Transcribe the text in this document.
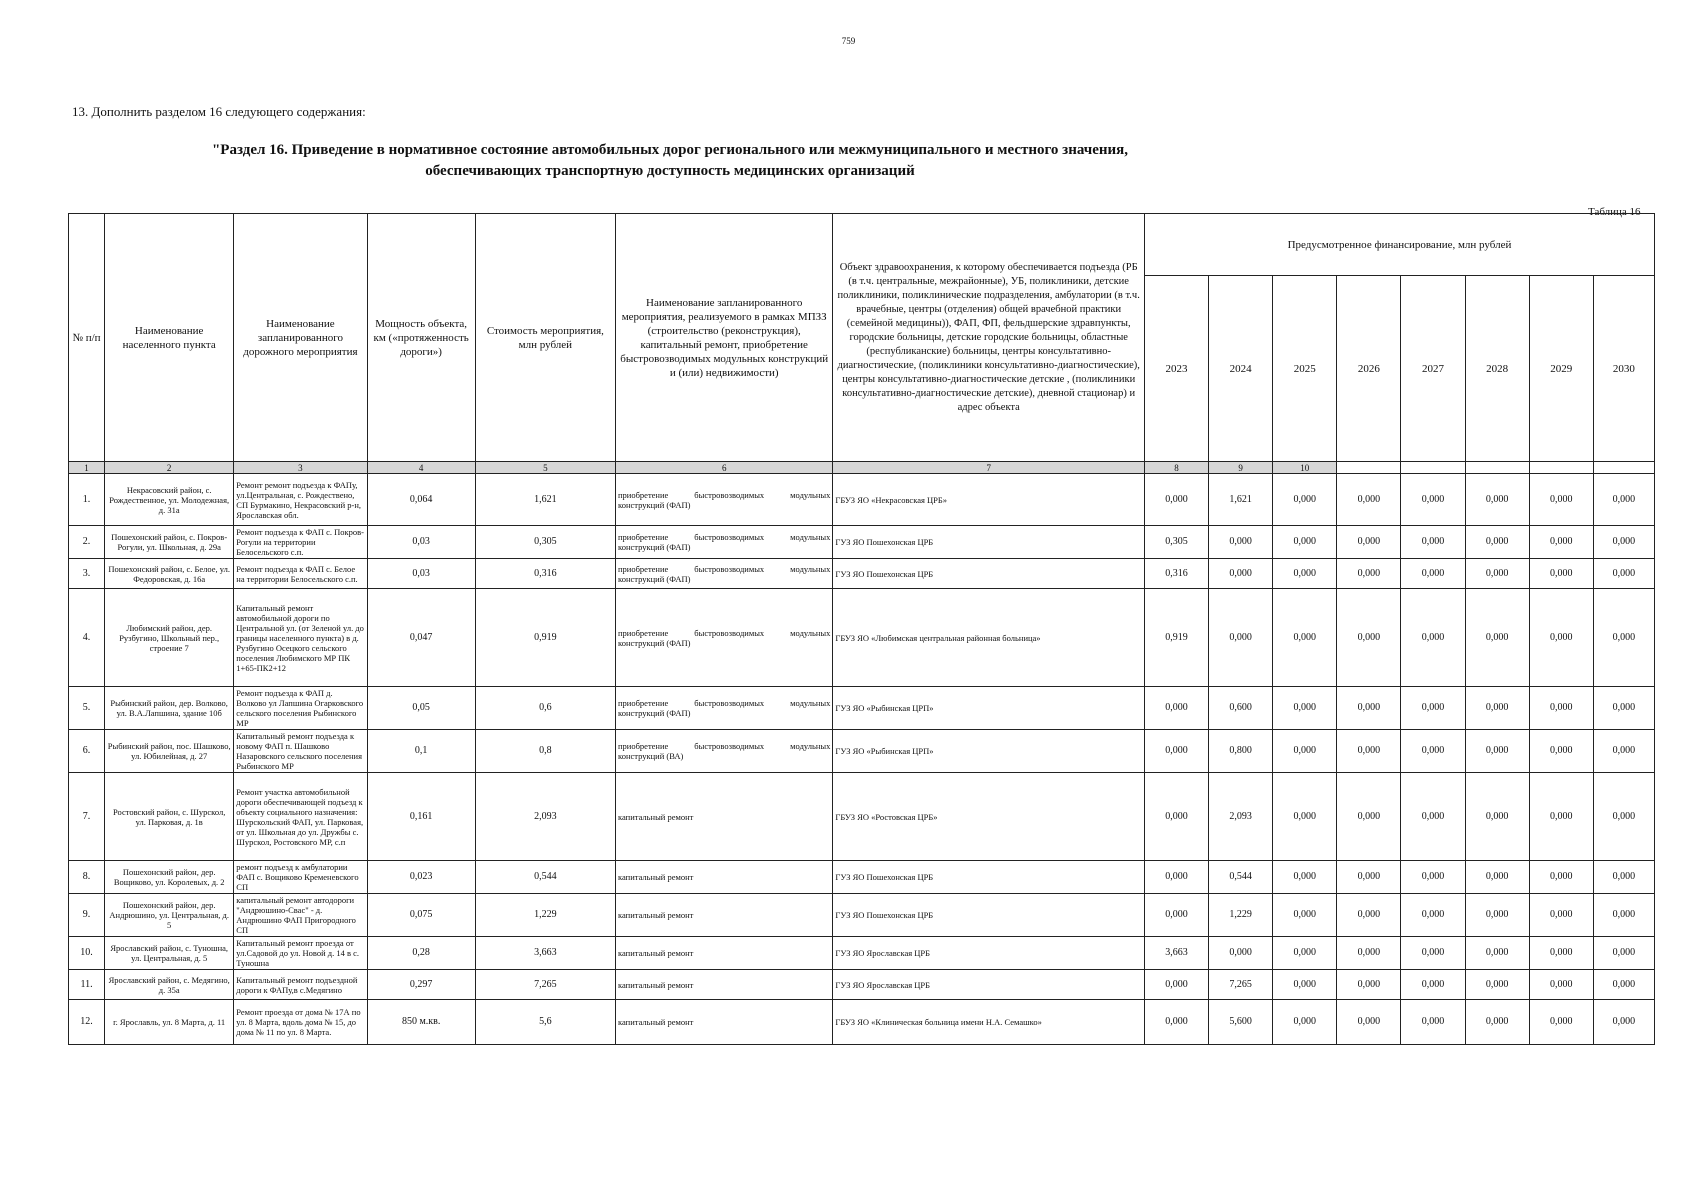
759
13. Дополнить разделом 16 следующего содержания:
"Раздел 16. Приведение в нормативное состояние автомобильных дорог регионального или межмуниципального и местного значения,
обеспечивающих транспортную доступность медицинских организаций
Таблица 16
№ п/п	Наименование населенного пункта	Наименование запланированного дорожного мероприятия	Мощность объекта, км («протяженность дороги»)	Стоимость мероприятия, млн рублей	Наименование запланированного мероприятия, реализуемого в рамках МПЗЗ (строительство (реконструкция), капитальный ремонт, приобретение быстровозводимых модульных конструкций и (или) недвижимости)	Объект здравоохранения, к которому обеспечивается подъезда (РБ (в т.ч. центральные, межрайонные), УБ, поликлиники, детские поликлиники, поликлинические подразделения, амбулатории (в т.ч. врачебные, центры (отделения) общей врачебной практики (семейной медицины)), ФАП, ФП, фельдшерские здравпункты, городские больницы, детские городские больницы, областные (республиканские) больницы, центры консультативно-диагностические, (поликлиники консультативно-диагностические), центры консультативно-диагностические детские , (поликлиники консультативно-диагностические детские), дневной стационар) и адрес объекта	Предусмотренное финансирование, млн рублей							
							2023	2024	2025	2026	2027	2028	2029	2030
1	2	3	4	5	6	7	8	9	10					
1.	Некрасовский район, с. Рождественное, ул. Молодежная, д. 31а	Ремонт ремонт подъезда к ФАПу, ул.Центральная, с. Рождествено, СП Бурмакино, Некрасовский р-н, Ярославская обл.	0,064	1,621	приобретение быстровозводимых модульных конструкций (ФАП)	ГБУЗ ЯО «Некрасовская ЦРБ»	0,000	1,621	0,000	0,000	0,000	0,000	0,000	0,000
2.	Пошехонский район, с. Покров-Рогули, ул. Школьная, д. 29а	Ремонт подъезда к ФАП с. Покров-Рогули на территории Белосельского с.п.	0,03	0,305	приобретение быстровозводимых модульных конструкций (ФАП)	ГУЗ ЯО Пошехонская ЦРБ	0,305	0,000	0,000	0,000	0,000	0,000	0,000	0,000
3.	Пошехонский район, с. Белое, ул. Федоровская, д. 16а	Ремонт подъезда к ФАП с. Белое на территории Белосельского с.п.	0,03	0,316	приобретение быстровозводимых модульных конструкций (ФАП)	ГУЗ ЯО Пошехонская ЦРБ	0,316	0,000	0,000	0,000	0,000	0,000	0,000	0,000
4.	Любимский район, дер. Рузбугино, Школьный пер., строение 7	Капитальный ремонт автомобильной дороги по Центральной ул. (от Зеленой ул. до границы населенного пункта) в д. Рузбугино Осецкого сельского поселения Любимского МР ПК 1+65-ПК2+12	0,047	0,919	приобретение быстровозводимых модульных конструкций (ФАП)	ГБУЗ ЯО «Любимская центральная районная больница»	0,919	0,000	0,000	0,000	0,000	0,000	0,000	0,000
5.	Рыбинский район, дер. Волково, ул. В.А.Лапшина, здание 10б	Ремонт подъезда к ФАП д. Волково ул Лапшина Огарковского сельского поселения Рыбинского МР	0,05	0,6	приобретение быстровозводимых модульных конструкций (ФАП)	ГУЗ ЯО «Рыбинская ЦРП»	0,000	0,600	0,000	0,000	0,000	0,000	0,000	0,000
6.	Рыбинский район, пос. Шашково, ул. Юбилейная, д. 27	Капитальный ремонт подъезда к новому ФАП п. Шашково Назаровского сельского поселения Рыбинского МР	0,1	0,8	приобретение быстровозводимых модульных конструкций (ВА)	ГУЗ ЯО «Рыбинская ЦРП»	0,000	0,800	0,000	0,000	0,000	0,000	0,000	0,000
7.	Ростовский район, с. Шурскол, ул. Парковая, д. 1в	Ремонт участка автомобильной дороги обеспечивающей подъезд к объекту социального назначения: Шурскольский ФАП, ул. Парковая, от ул. Школьная до ул. Дружбы с. Шурскол, Ростовского МР, с.п	0,161	2,093	капитальный ремонт	ГБУЗ ЯО «Ростовская ЦРБ»	0,000	2,093	0,000	0,000	0,000	0,000	0,000	0,000
8.	Пошехонский район, дер. Вощиково, ул. Королевых, д. 2	ремонт подъезд к амбулатории ФАП с. Вощиково Кременевского СП	0,023	0,544	капитальный ремонт	ГУЗ ЯО Пошехонская ЦРБ	0,000	0,544	0,000	0,000	0,000	0,000	0,000	0,000
9.	Пошехонский район, дер. Андрюшино, ул. Центральная, д. 5	капитальный ремонт автодороги "Андрюшино-Свас" - д. Андрюшино ФАП Пригородного СП	0,075	1,229	капитальный ремонт	ГУЗ ЯО Пошехонская ЦРБ	0,000	1,229	0,000	0,000	0,000	0,000	0,000	0,000
10.	Ярославский район, с. Туношна, ул. Центральная, д. 5	Капитальный ремонт проезда от ул.Садовой до ул. Новой д. 14 в с. Туношна	0,28	3,663	капитальный ремонт	ГУЗ ЯО Ярославская ЦРБ	3,663	0,000	0,000	0,000	0,000	0,000	0,000	0,000
11.	Ярославский район, с. Медягино, д. 35а	Капитальный ремонт подъездной дороги к ФАПу,в с.Медягино	0,297	7,265	капитальный ремонт	ГУЗ ЯО Ярославская ЦРБ	0,000	7,265	0,000	0,000	0,000	0,000	0,000	0,000
12.	г. Ярославль, ул. 8 Марта, д. 11	Ремонт проезда от дома № 17А по ул. 8 Марта, вдоль дома № 15, до дома № 11 по ул. 8 Марта.	850 м.кв.	5,6	капитальный ремонт	ГБУЗ ЯО «Клиническая больница имени Н.А. Семашко»	0,000	5,600	0,000	0,000	0,000	0,000	0,000	0,000
